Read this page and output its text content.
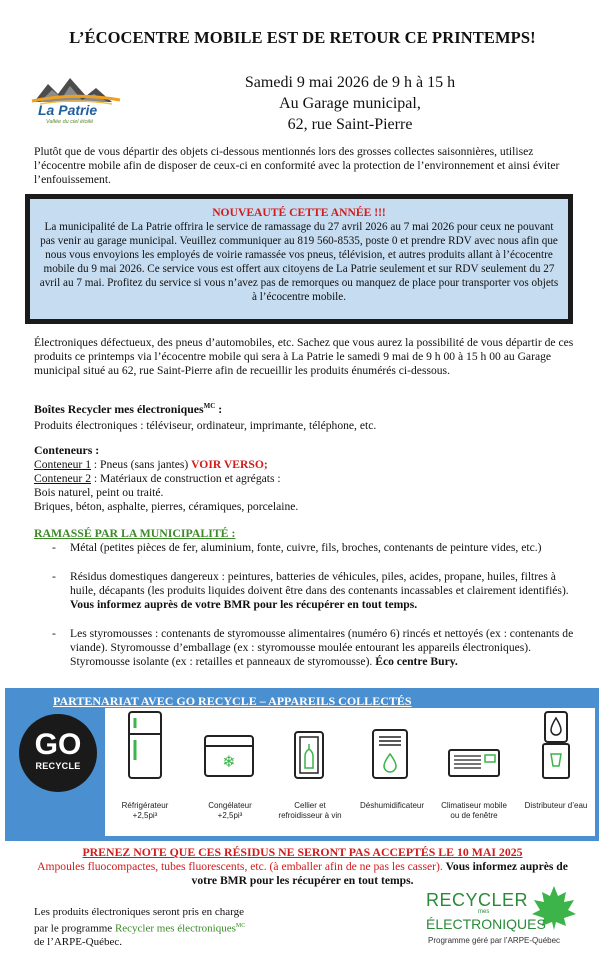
L’ÉCOCENTRE MOBILE EST DE RETOUR CE PRINTEMPS!
La Patrie
Vallée du ciel étoilé
Samedi 9 mai 2026 de 9 h à 15 h
Au Garage municipal,
62, rue Saint-Pierre
Plutôt que de vous départir des objets ci-dessous mentionnés lors des grosses collectes saisonnières, utilisez l’écocentre mobile afin de disposer de ceux-ci en conformité avec la protection de l’environnement et ainsi éviter l’enfouissement.
NOUVEAUTÉ CETTE ANNÉE !!!
La municipalité de La Patrie offrira le service de ramassage du 27 avril 2026 au 7 mai 2026 pour ceux ne pouvant pas venir au garage municipal. Veuillez communiquer au 819 560-8535, poste 0 et prendre RDV avec nous afin que nous vous envoyions les employés de voirie ramassée vos pneus, télévision, et autres produits allant à l’écocentre mobile du 9 mai 2026. Ce service vous est offert aux citoyens de La Patrie seulement et sur RDV seulement du 27 avril au 7 mai. Profitez du service si vous n’avez pas de remorques ou manquez de place pour transporter vos objets à l’écocentre mobile.
Électroniques défectueux, des pneus d’automobiles, etc. Sachez que vous aurez la possibilité de vous départir de ces produits ce printemps via l’écocentre mobile qui sera à La Patrie le samedi 9 mai de 9 h 00 à 15 h 00 au Garage municipal situé au 62, rue Saint-Pierre afin de recueillir les produits énumérés ci-dessous.
Boîtes Recycler mes électroniques$^{MC}$ :
Produits électroniques : téléviseur, ordinateur, imprimante, téléphone, etc.
Conteneurs :
Conteneur 1 : Pneus (sans jantes) VOIR VERSO;
Conteneur 2 : Matériaux de construction et agrégats :
Bois naturel, peint ou traité.
Briques, béton, asphalte, pierres, céramiques, porcelaine.
RAMASSÉ PAR LA MUNICIPALITÉ :
- Métal (petites pièces de fer, aluminium, fonte, cuivre, fils, broches, contenants de peinture vides, etc.)
- Résidus domestiques dangereux : peintures, batteries de véhicules, piles, acides, propane, huiles, filtres à huile, décapants (les produits liquides doivent être dans des contenants incassables et clairement identifiés). Vous informez auprès de votre BMR pour les récupérer en tout temps.
- Les styromousses : contenants de styromousse alimentaires (numéro 6) rincés et nettoyés (ex : contenants de viande). Styromousse d’emballage (ex : styromousse moulée entourant les appareils électroniques). Styromousse isolante (ex : retailles et panneaux de styromousse). Éco centre Bury.
PARTENARIAT AVEC GO RECYCLE – APPAREILS COLLECTÉS
GO
RECYCLE	❄
Réfrigérateur +2,5pi³
Congélateur +2,5pi³
Cellier et refroidisseur à vin
Déshumidificateur	Climatiseur mobile ou de fenêtre
Distributeur d’eau
PRENEZ NOTE QUE CES RÉSIDUS NE SERONT PAS ACCEPTÉS LE 10 MAI 2025
Ampoules fluocompactes, tubes fluorescents, etc. (à emballer afin de ne pas les casser). Vous informez auprès de votre BMR pour les récupérer en tout temps.
Les produits électroniques seront pris en charge
par le programme Recycler mes électroniques$^{MC}$
de l’ARPE-Québec.
RECYCLER
mes
ÉLECTRONIQUES
Programme géré par l’ARPE-Québec
